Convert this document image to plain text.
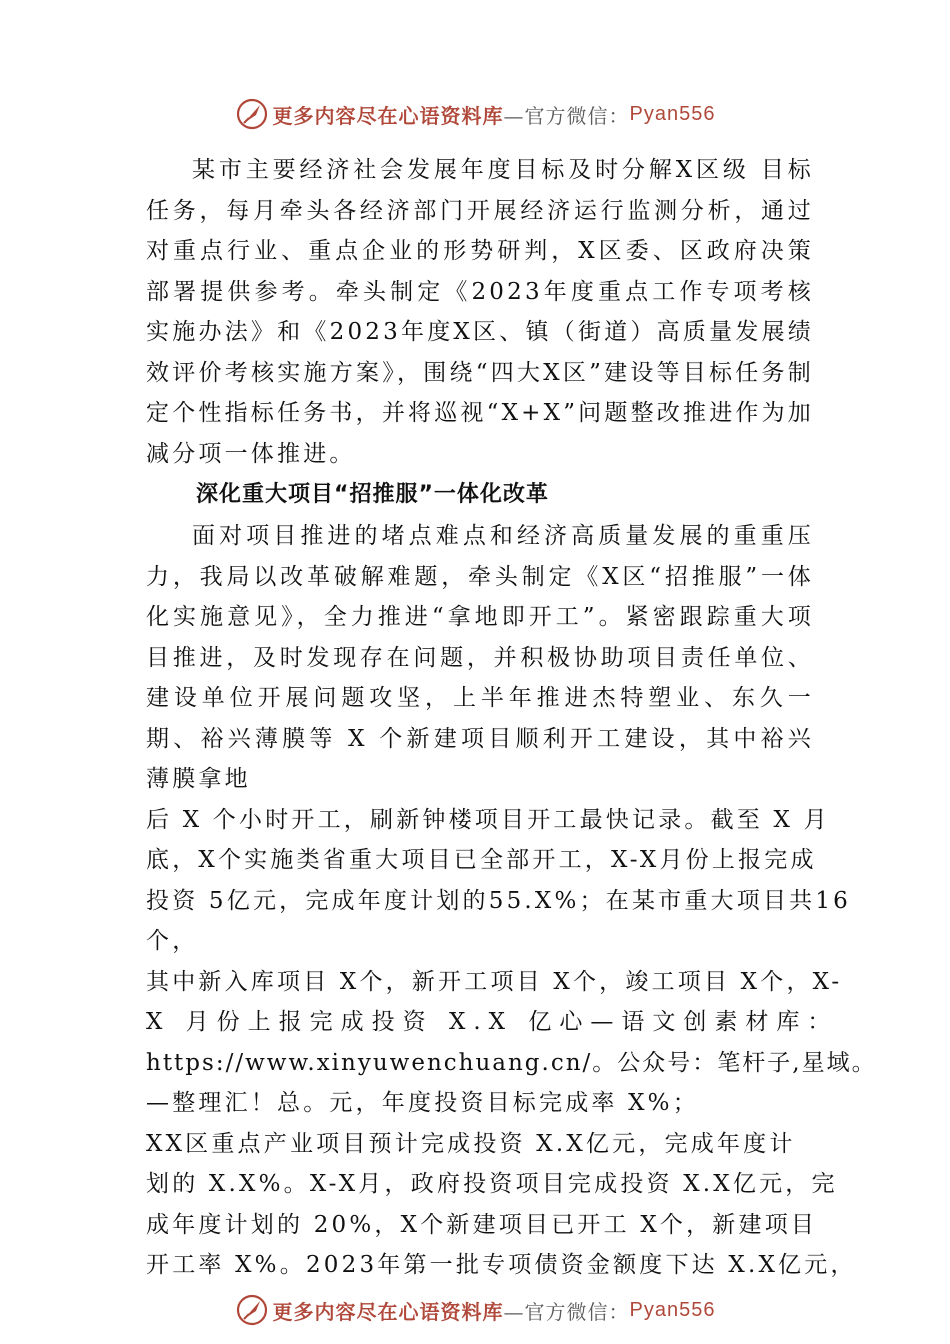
更多内容尽在心语资料库 —官方微信： Pyan556

某市主要经济社会发展年度目标及时分解X区级 目标任务，每月牵头各经济部门开展经济运行监测分析，通过对重点行业、重点企业的形势研判，X区委、区政府决策部署提供参考。牵头制定《2023年度重点工作专项考核实施办法》和《2023年度X区、镇（街道）高质量发展绩效评价考核实施方案》，围绕“四大X区”建设等目标任务制定个性指标任务书，并将巡视“X+X”问题整改推进作为加减分项一体推进。

深化重大项目“招推服”一体化改革

面对项目推进的堵点难点和经济高质量发展的重重压力，我局以改革破解难题，牵头制定《X区“招推服”一体化实施意见》，全力推进“拿地即开工”。紧密跟踪重大项目推进，及时发现存在问题，并积极协助项目责任单位、建设单位开展问题攻坚，上半年推进杰特塑业、东久一期、裕兴薄膜等 X 个新建项目顺利开工建设，其中裕兴薄膜拿地

后 X 个小时开工，刷新钟楼项目开工最快记录。截至 X 月

底，X个实施类省重大项目已全部开工，X-X月份上报完成

投资 5亿元，完成年度计划的55.X%；在某市重大项目共16

个，

其中新入库项目 X个，新开工项目 X个，竣工项目 X个，X-

X 月份上报完成投资 X.X 亿心—语文创素材库：

https://www.xinyuwenchuang.cn/。公众号：笔杆子,星域。

—整理汇！总。元，年度投资目标完成率 X%；

XX区重点产业项目预计完成投资 X.X亿元，完成年度计

划的 X.X%。X-X月，政府投资项目完成投资 X.X亿元，完

成年度计划的 20%，X个新建项目已开工 X个，新建项目

开工率 X%。2023年第一批专项债资金额度下达 X.X亿元，

更多内容尽在心语资料库 —官方微信： Pyan556
